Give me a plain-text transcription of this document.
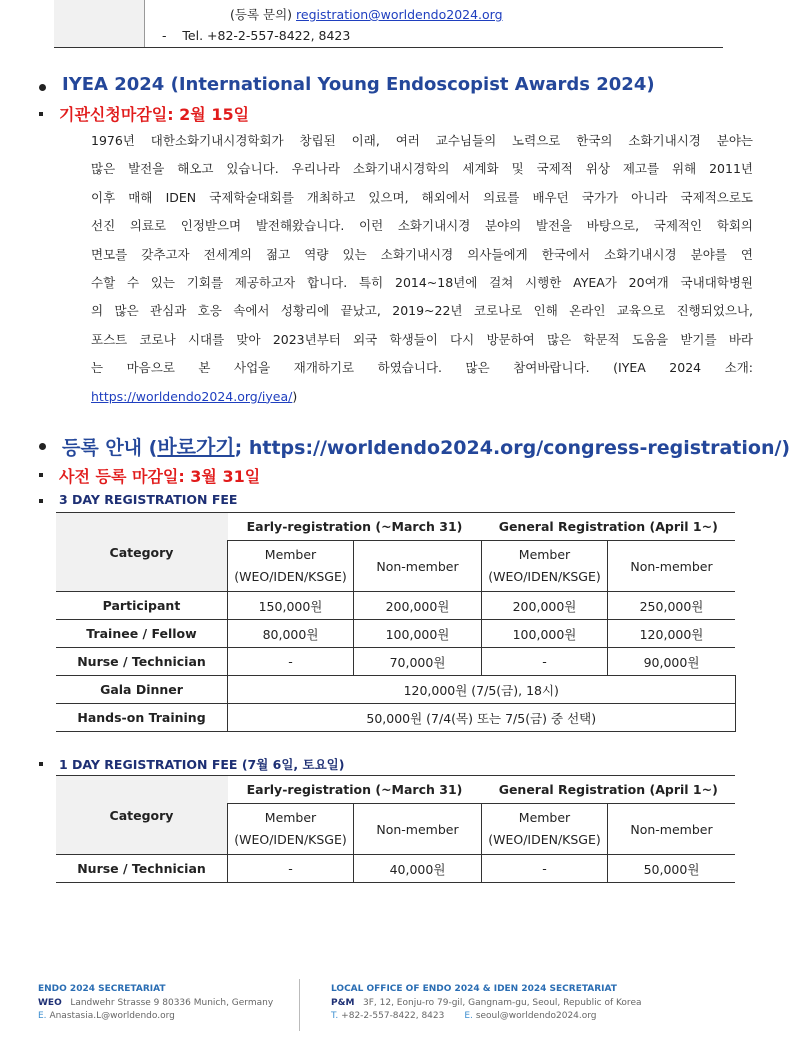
(등록 문의) registration@worldendo2024.org
- Tel. +82-2-557-8422, 8423
IYEA 2024 (International Young Endoscopist Awards 2024)
기관신청마감일: 2월 15일
1976년 대한소화기내시경학회가 창립된 이래, 여러 교수님들의 노력으로 한국의 소화기내시경 분야는
많은 발전을 해오고 있습니다. 우리나라 소화기내시경학의 세계화 및 국제적 위상 제고를 위해 2011년
이후 매해 IDEN 국제학술대회를 개최하고 있으며, 해외에서 의료를 배우던 국가가 아니라 국제적으로도
선진 의료로 인정받으며 발전해왔습니다. 이런 소화기내시경 분야의 발전을 바탕으로, 국제적인 학회의
면모를 갖추고자 전세계의 젊고 역량 있는 소화기내시경 의사들에게 한국에서 소화기내시경 분야를 연
수할 수 있는 기회를 제공하고자 합니다. 특히 2014~18년에 걸쳐 시행한 AYEA가 20여개 국내대학병원
의 많은 관심과 호응 속에서 성황리에 끝났고, 2019~22년 코로나로 인해 온라인 교육으로 진행되었으나,
포스트 코로나 시대를 맞아 2023년부터 외국 학생들이 다시 방문하여 많은 학문적 도움을 받기를 바라
는 마음으로 본 사업을 재개하기로 하였습니다. 많은 참여바랍니다. (IYEA 2024 소개:
https://worldendo2024.org/iyea/)
등록 안내 (바로가기; https://worldendo2024.org/congress-registration/)
사전 등록 마감일: 3월 31일
3 DAY REGISTRATION FEE
Category	Early-registration (~March 31)		General Registration (April 1~)	
	Member
(WEO/IDEN/KSGE)	Non-member	Member
(WEO/IDEN/KSGE)	Non-member
Participant	150,000원	200,000원	200,000원	250,000원
Trainee / Fellow	80,000원	100,000원	100,000원	120,000원
Nurse / Technician	-	70,000원	-	90,000원
Gala Dinner	120,000원 (7/5(금), 18시)			
Hands-on Training	50,000원 (7/4(목) 또는 7/5(금) 중 선택)			
1 DAY REGISTRATION FEE (7월 6일, 토요일)
Category	Early-registration (~March 31)		General Registration (April 1~)	
	Member
(WEO/IDEN/KSGE)	Non-member	Member
(WEO/IDEN/KSGE)	Non-member
Nurse / Technician	-	40,000원	-	50,000원
ENDO 2024 SECRETARIAT
WEO Landwehr Strasse 9 80336 Munich, Germany
E. Anastasia.L@worldendo.org
LOCAL OFFICE OF ENDO 2024 & IDEN 2024 SECRETARIAT
P&M 3F, 12, Eonju-ro 79-gil, Gangnam-gu, Seoul, Republic of Korea
T. +82-2-557-8422, 8423 E. seoul@worldendo2024.org
